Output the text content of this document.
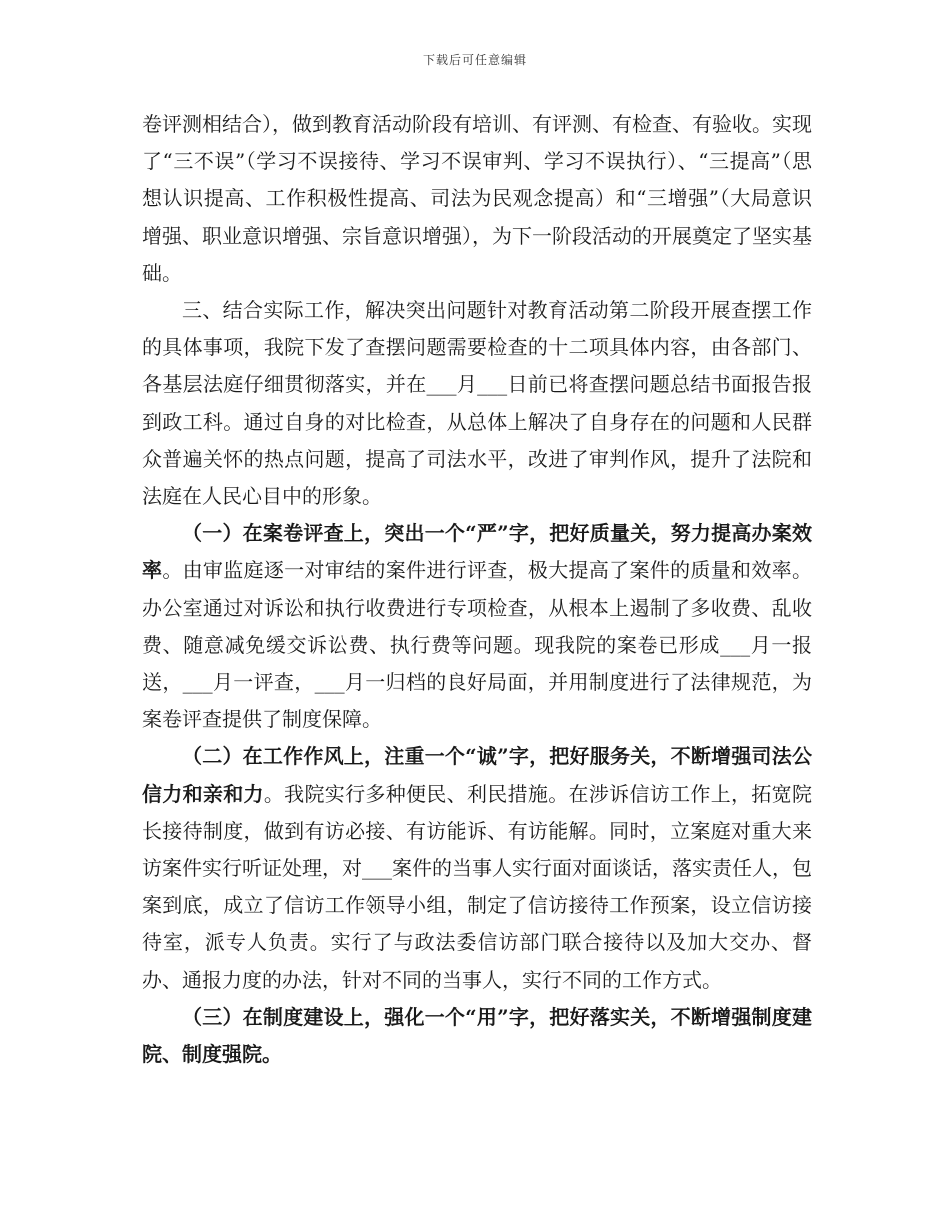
下载后可任意编辑

卷评测相结合），做到教育活动阶段有培训、有评测、有检查、有验收。实现了“三不误”（学习不误接待、学习不误审判、学习不误执行）、“三提高”（思想认识提高、工作积极性提高、司法为民观念提高）和“三增强”（大局意识增强、职业意识增强、宗旨意识增强），为下一阶段活动的开展奠定了坚实基础。

三、结合实际工作，解决突出问题针对教育活动第二阶段开展查摆工作的具体事项，我院下发了查摆问题需要检查的十二项具体内容，由各部门、各基层法庭仔细贯彻落实，并在___月___日前已将查摆问题总结书面报告报到政工科。通过自身的对比检查，从总体上解决了自身存在的问题和人民群众普遍关怀的热点问题，提高了司法水平，改进了审判作风，提升了法院和法庭在人民心目中的形象。

（一）在案卷评查上，突出一个“严”字，把好质量关，努力提高办案效率。由审监庭逐一对审结的案件进行评查，极大提高了案件的质量和效率。办公室通过对诉讼和执行收费进行专项检查，从根本上遏制了多收费、乱收费、随意减免缓交诉讼费、执行费等问题。现我院的案卷已形成___月一报送，___月一评查，___月一归档的良好局面，并用制度进行了法律规范，为案卷评查提供了制度保障。

（二）在工作作风上，注重一个“诚”字，把好服务关，不断增强司法公信力和亲和力。我院实行多种便民、利民措施。在涉诉信访工作上，拓宽院长接待制度，做到有访必接、有访能诉、有访能解。同时，立案庭对重大来访案件实行听证处理，对___案件的当事人实行面对面谈话，落实责任人，包案到底，成立了信访工作领导小组，制定了信访接待工作预案，设立信访接待室，派专人负责。实行了与政法委信访部门联合接待以及加大交办、督办、通报力度的办法，针对不同的当事人，实行不同的工作方式。

（三）在制度建设上，强化一个“用”字，把好落实关，不断增强制度建院、制度强院。
